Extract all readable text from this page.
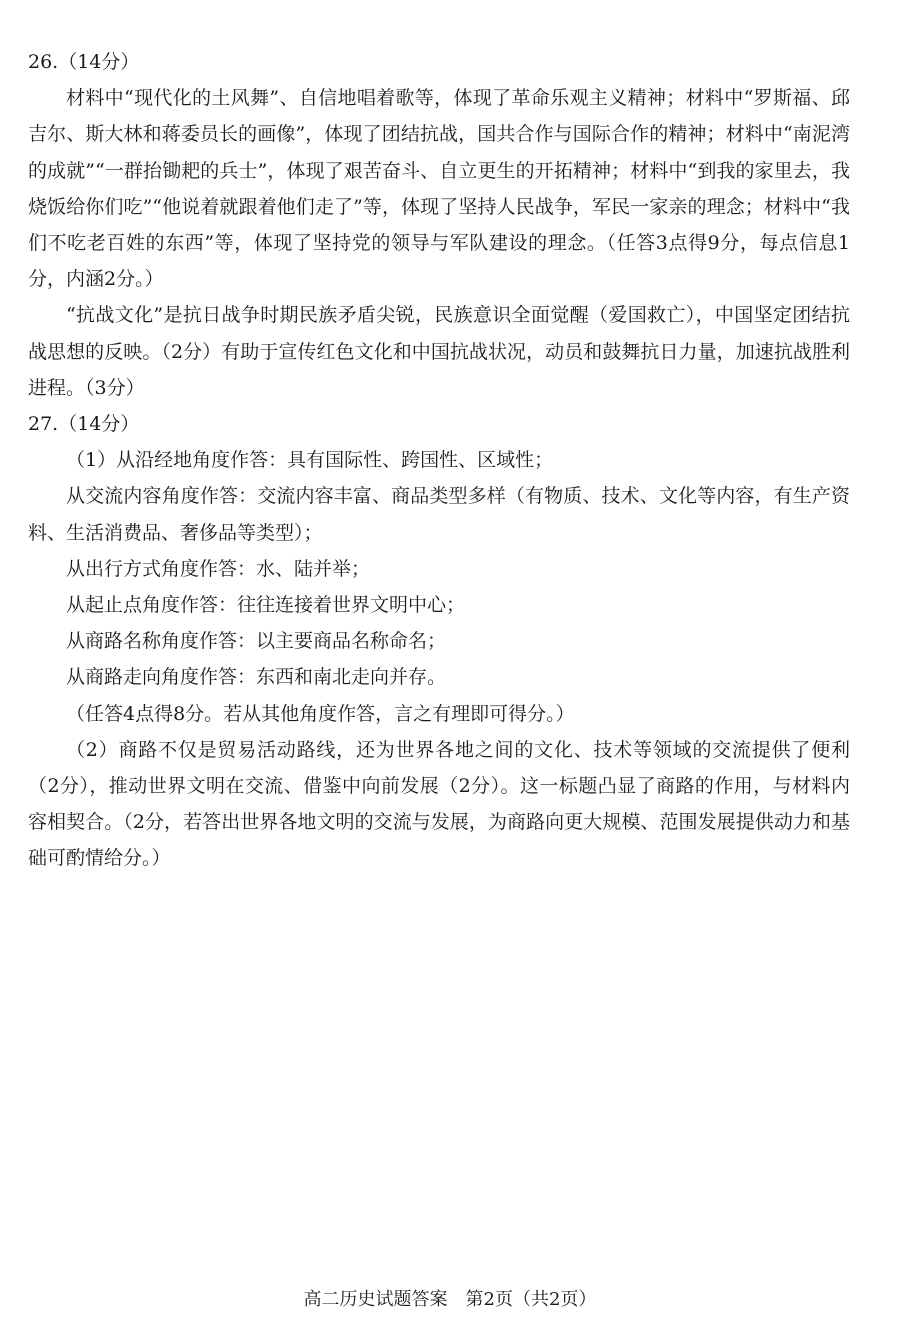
26.（14分）

材料中“现代化的土风舞”、自信地唱着歌等，体现了革命乐观主义精神；材料中“罗斯福、邱吉尔、斯大林和蒋委员长的画像”，体现了团结抗战，国共合作与国际合作的精神；材料中“南泥湾的成就”“一群抬锄耙的兵士”，体现了艰苦奋斗、自立更生的开拓精神；材料中“到我的家里去，我烧饭给你们吃”“他说着就跟着他们走了”等，体现了坚持人民战争，军民一家亲的理念；材料中“我们不吃老百姓的东西”等，体现了坚持党的领导与军队建设的理念。（任答3点得9分，每点信息1分，内涵2分。）

“抗战文化”是抗日战争时期民族矛盾尖锐，民族意识全面觉醒（爱国救亡），中国坚定团结抗战思想的反映。（2分）有助于宣传红色文化和中国抗战状况，动员和鼓舞抗日力量，加速抗战胜利进程。（3分）

27.（14分）

（1）从沿经地角度作答：具有国际性、跨国性、区域性；

从交流内容角度作答：交流内容丰富、商品类型多样（有物质、技术、文化等内容，有生产资料、生活消费品、奢侈品等类型）；

从出行方式角度作答：水、陆并举；

从起止点角度作答：往往连接着世界文明中心；

从商路名称角度作答：以主要商品名称命名；

从商路走向角度作答：东西和南北走向并存。

（任答4点得8分。若从其他角度作答，言之有理即可得分。）

（2）商路不仅是贸易活动路线，还为世界各地之间的文化、技术等领域的交流提供了便利（2分），推动世界文明在交流、借鉴中向前发展（2分）。这一标题凸显了商路的作用，与材料内容相契合。（2分，若答出世界各地文明的交流与发展，为商路向更大规模、范围发展提供动力和基础可酌情给分。）

高二历史试题答案　第2页（共2页）
